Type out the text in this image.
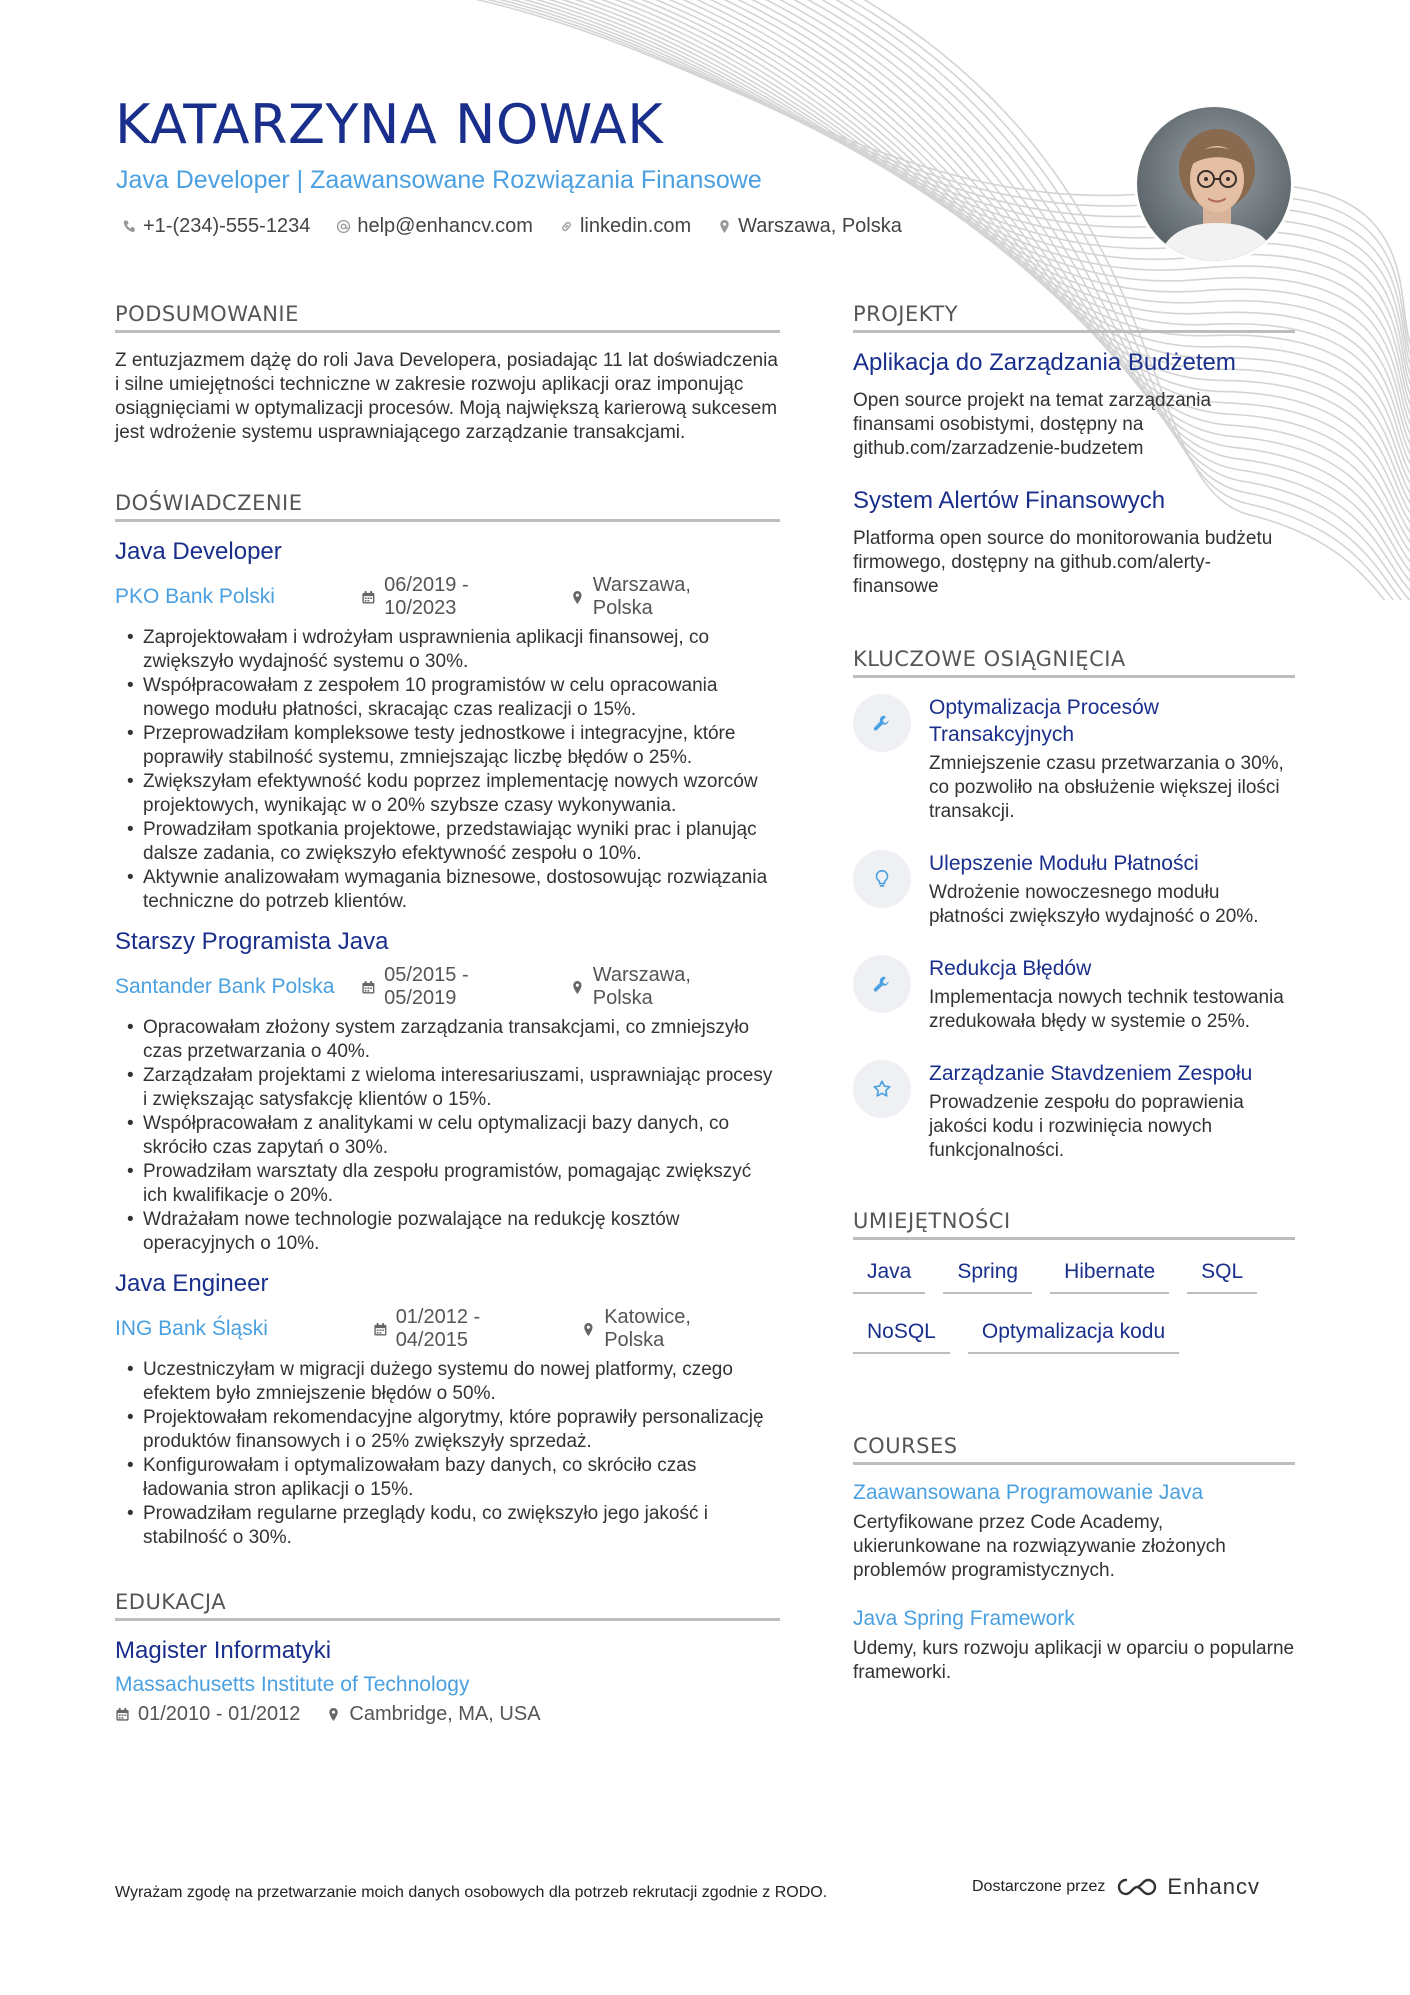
KATARZYNA NOWAK
Java Developer | Zaawansowane Rozwiązania Finansowe
+1-(234)-555-1234 help@enhancv.com linkedin.com Warszawa, Polska
PODSUMOWANIE

Z entuzjazmem dążę do roli Java Developera, posiadając 11 lat doświadczenia i silne umiejętności techniczne w zakresie rozwoju aplikacji oraz imponując osiągnięciami w optymalizacji procesów. Moją największą karierową sukcesem jest wdrożenie systemu usprawniającego zarządzanie transakcjami.

DOŚWIADCZENIE
Java Developer
PKO Bank Polski	06/2019 - 10/2023
Warszawa, Polska
• Zaprojektowałam i wdrożyłam usprawnienia aplikacji finansowej, co zwiększyło wydajność systemu o 30%.
• Współpracowałam z zespołem 10 programistów w celu opracowania nowego modułu płatności, skracając czas realizacji o 15%.
• Przeprowadziłam kompleksowe testy jednostkowe i integracyjne, które poprawiły stabilność systemu, zmniejszając liczbę błędów o 25%.
• Zwiększyłam efektywność kodu poprzez implementację nowych wzorców projektowych, wynikając w o 20% szybsze czasy wykonywania.
• Prowadziłam spotkania projektowe, przedstawiając wyniki prac i planując dalsze zadania, co zwiększyło efektywność zespołu o 10%.
• Aktywnie analizowałam wymagania biznesowe, dostosowując rozwiązania techniczne do potrzeb klientów.
Starszy Programista Java
Santander Bank Polska	05/2015 - 05/2019
Warszawa, Polska
• Opracowałam złożony system zarządzania transakcjami, co zmniejszyło czas przetwarzania o 40%.
• Zarządzałam projektami z wieloma interesariuszami, usprawniając procesy i zwiększając satysfakcję klientów o 15%.
• Współpracowałam z analitykami w celu optymalizacji bazy danych, co skróciło czas zapytań o 30%.
• Prowadziłam warsztaty dla zespołu programistów, pomagając zwiększyć ich kwalifikacje o 20%.
• Wdrażałam nowe technologie pozwalające na redukcję kosztów operacyjnych o 10%.
Java Engineer
ING Bank Śląski	01/2012 - 04/2015
Katowice, Polska
• Uczestniczyłam w migracji dużego systemu do nowej platformy, czego efektem było zmniejszenie błędów o 50%.
• Projektowałam rekomendacyjne algorytmy, które poprawiły personalizację produktów finansowych i o 25% zwiększyły sprzedaż.
• Konfigurowałam i optymalizowałam bazy danych, co skróciło czas ładowania stron aplikacji o 15%.
• Prowadziłam regularne przeglądy kodu, co zwiększyło jego jakość i stabilność o 30%.
EDUKACJA
Magister Informatyki
Massachusetts Institute of Technology
01/2010 - 01/2012 Cambridge, MA, USA
PROJEKTY
Aplikacja do Zarządzania Budżetem
Open source projekt na temat zarządzania finansami osobistymi, dostępny na github.com/zarzadzenie-budzetem
System Alertów Finansowych
Platforma open source do monitorowania budżetu firmowego, dostępny na github.com/alerty-finansowe
KLUCZOWE OSIĄGNIĘCIA
Optymalizacja Procesów Transakcyjnych
Zmniejszenie czasu przetwarzania o 30%, co pozwoliło na obsłużenie większej ilości transakcji.
Ulepszenie Modułu Płatności
Wdrożenie nowoczesnego modułu płatności zwiększyło wydajność o 20%.
Redukcja Błędów
Implementacja nowych technik testowania zredukowała błędy w systemie o 25%.
Zarządzanie Stavdzeniem Zespołu
Prowadzenie zespołu do poprawienia jakości kodu i rozwinięcia nowych funkcjonalności.
UMIEJĘTNOŚCI
Java	Spring	Hibernate	SQL
NoSQL	Optymalizacja kodu
COURSES
Zaawansowana Programowanie Java
Certyfikowane przez Code Academy, ukierunkowane na rozwiązywanie złożonych problemów programistycznych.
Java Spring Framework
Udemy, kurs rozwoju aplikacji w oparciu o popularne frameworki.
Wyrażam zgodę na przetwarzanie moich danych osobowych dla potrzeb rekrutacji zgodnie z RODO.	Dostarczone przez	Enhancv
